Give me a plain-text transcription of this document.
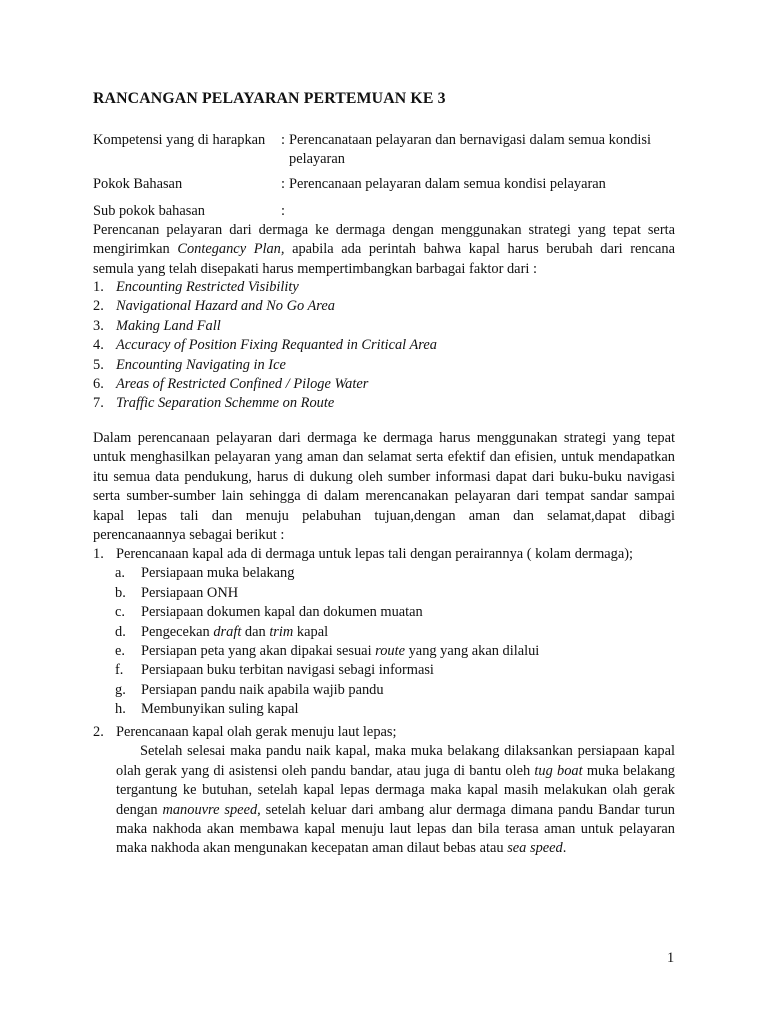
RANCANGAN PELAYARAN PERTEMUAN KE 3
Kompetensi yang di harapkan : Perencanataan pelayaran dan bernavigasi dalam semua kondisi pelayaran
Pokok Bahasan	: Perencanaan pelayaran dalam semua kondisi pelayaran
Sub pokok bahasan	:
Perencanan pelayaran dari dermaga ke dermaga dengan menggunakan strategi yang tepat serta mengirimkan Contegancy Plan, apabila ada perintah bahwa kapal harus berubah dari rencana semula yang telah disepakati harus mempertimbangkan barbagai faktor dari :
1. Encounting Restricted Visibility
2. Navigational Hazard and No Go Area
3. Making Land Fall
4. Accuracy of Position Fixing Requanted in Critical Area
5. Encounting Navigating in Ice
6. Areas of Restricted Confined / Piloge Water
7. Traffic Separation Schemme on Route
Dalam perencanaan pelayaran dari dermaga ke dermaga harus menggunakan strategi yang tepat untuk menghasilkan pelayaran yang aman dan selamat serta efektif dan efisien, untuk mendapatkan itu semua data pendukung, harus di dukung oleh sumber informasi dapat dari buku-buku navigasi serta sumber-sumber lain sehingga di dalam merencanakan pelayaran dari tempat sandar sampai kapal lepas tali dan menuju pelabuhan tujuan,dengan aman dan selamat,dapat dibagi perencanaannya sebagai berikut :
1. Perencanaan kapal ada di dermaga untuk lepas tali dengan perairannya ( kolam dermaga);
a. Persiapaan muka belakang
b. Persiapaan ONH
c. Persiapaan dokumen kapal dan dokumen muatan
d. Pengecekan draft dan trim kapal
e. Persiapan peta yang akan dipakai sesuai route yang yang akan dilalui
f. Persiapaan buku terbitan navigasi sebagi informasi
g. Persiapan pandu naik apabila wajib pandu
h. Membunyikan suling kapal
2. Perencanaan kapal olah gerak menuju laut lepas;
Setelah selesai maka pandu naik kapal, maka muka belakang dilaksankan persiapaan kapal olah gerak yang di asistensi oleh pandu bandar, atau juga di bantu oleh tug boat muka belakang tergantung ke butuhan, setelah kapal lepas dermaga maka kapal masih melakukan olah gerak dengan manouvre speed, setelah keluar dari ambang alur dermaga dimana pandu Bandar turun maka nakhoda akan membawa kapal menuju laut lepas dan bila terasa aman untuk pelayaran maka nakhoda akan mengunakan kecepatan aman dilaut bebas atau sea speed.
1
